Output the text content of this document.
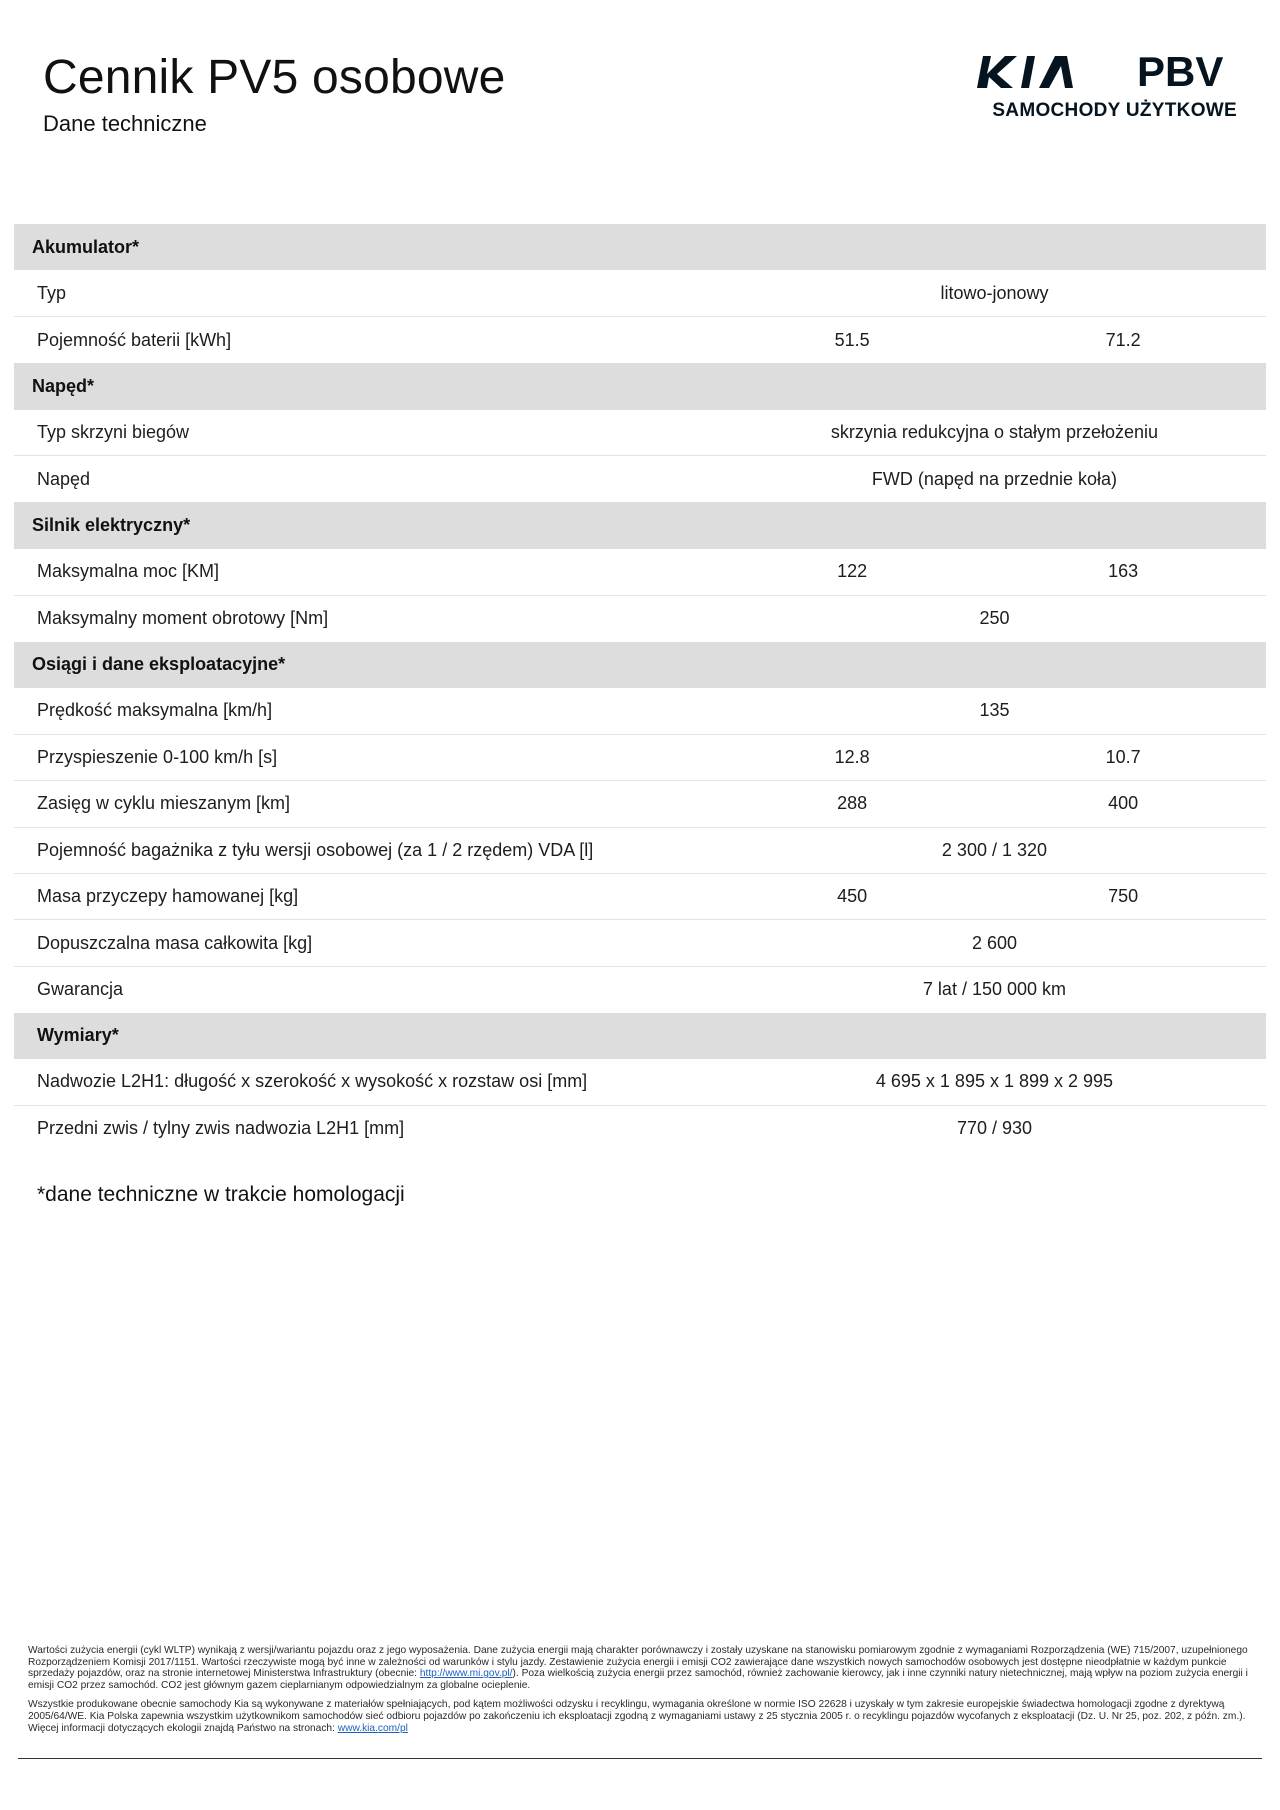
Cennik PV5 osobowe
Dane techniczne
PBV
SAMOCHODY UŻYTKOWE
Akumulator*		
Typ	litowo-jonowy	
Pojemność baterii [kWh]	51.5	71.2
Napęd*		
Typ skrzyni biegów	skrzynia redukcyjna o stałym przełożeniu	
Napęd	FWD (napęd na przednie koła)	
Silnik elektryczny*		
Maksymalna moc [KM]	122	163
Maksymalny moment obrotowy [Nm]	250	
Osiągi i dane eksploatacyjne*		
Prędkość maksymalna [km/h]	135	
Przyspieszenie 0-100 km/h [s]	12.8	10.7
Zasięg w cyklu mieszanym [km]	288	400
Pojemność bagażnika z tyłu wersji osobowej (za 1 / 2 rzędem) VDA [l]	2 300 / 1 320	
Masa przyczepy hamowanej [kg]	450	750
Dopuszczalna masa całkowita [kg]	2 600	
Gwarancja	7 lat / 150 000 km	
Wymiary*		
Nadwozie L2H1: długość x szerokość x wysokość x rozstaw osi [mm]	4 695 x 1 895 x 1 899 x 2 995	
Przedni zwis / tylny zwis nadwozia L2H1 [mm]	770 / 930	
*dane techniczne w trakcie homologacji

Wartości zużycia energii (cykl WLTP) wynikają z wersji/wariantu pojazdu oraz z jego wyposażenia. Dane zużycia energii mają charakter porównawczy i zostały uzyskane na stanowisku pomiarowym zgodnie z wymaganiami Rozporządzenia (WE) 715/2007, uzupełnionego Rozporządzeniem Komisji 2017/1151. Wartości rzeczywiste mogą być inne w zależności od warunków i stylu jazdy. Zestawienie zużycia energii i emisji CO2 zawierające dane wszystkich nowych samochodów osobowych jest dostępne nieodpłatnie w każdym punkcie sprzedaży pojazdów, oraz na stronie internetowej Ministerstwa Infrastruktury (obecnie: http://www.mi.gov.pl/). Poza wielkością zużycia energii przez samochód, również zachowanie kierowcy, jak i inne czynniki natury nietechnicznej, mają wpływ na poziom zużycia energii i emisji CO2 przez samochód. CO2 jest głównym gazem cieplarnianym odpowiedzialnym za globalne ocieplenie.

Wszystkie produkowane obecnie samochody Kia są wykonywane z materiałów spełniających, pod kątem możliwości odzysku i recyklingu, wymagania określone w normie ISO 22628 i uzyskały w tym zakresie europejskie świadectwa homologacji zgodne z dyrektywą 2005/64/WE. Kia Polska zapewnia wszystkim użytkownikom samochodów sieć odbioru pojazdów po zakończeniu ich eksploatacji zgodną z wymaganiami ustawy z 25 stycznia 2005 r. o recyklingu pojazdów wycofanych z eksploatacji (Dz. U. Nr 25, poz. 202, z późn. zm.). Więcej informacji dotyczących ekologii znajdą Państwo na stronach: www.kia.com/pl
